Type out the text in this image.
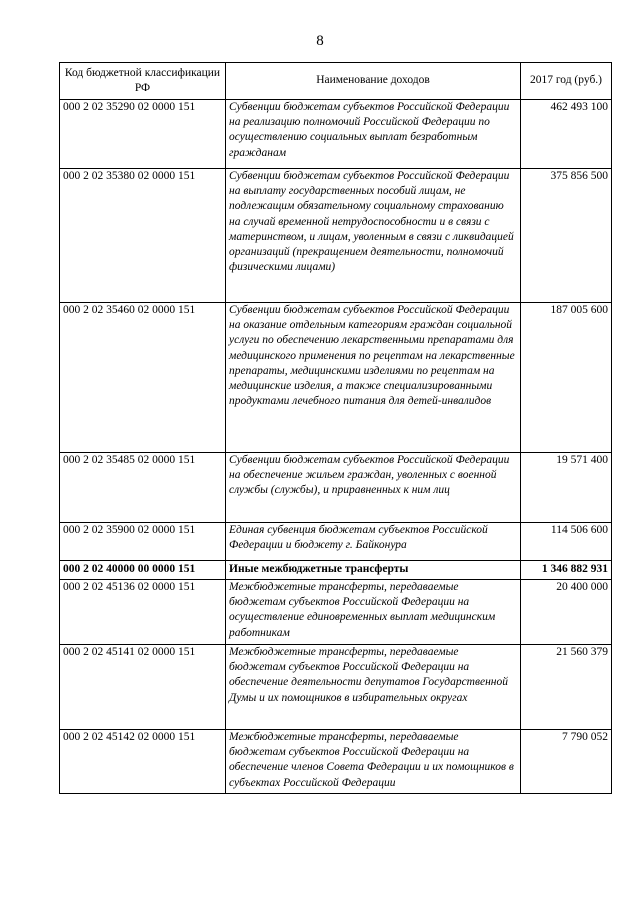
8
Код бюджетной классификации РФ	Наименование доходов	2017 год (руб.)
000 2 02 35290 02 0000 151	Субвенции бюджетам субъектов Российской Федерации на реализацию полномочий Российской Федерации по осуществлению социальных выплат безработным гражданам	462 493 100
000 2 02 35380 02 0000 151	Субвенции бюджетам субъектов Российской Федерации на выплату государственных пособий лицам, не подлежащим обязательному социальному страхованию на случай временной нетрудоспособности и в связи с материнством, и лицам, уволенным в связи с ликвидацией организаций (прекращением деятельности, полномочий физическими лицами)	375 856 500
000 2 02 35460 02 0000 151	Субвенции бюджетам субъектов Российской Федерации на оказание отдельным категориям граждан социальной услуги по обеспечению лекарственными препаратами для медицинского применения по рецептам на лекарственные препараты, медицинскими изделиями по рецептам на медицинские изделия, а также специализированными продуктами лечебного питания для детей-инвалидов	187 005 600
000 2 02 35485 02 0000 151	Субвенции бюджетам субъектов Российской Федерации на обеспечение жильем граждан, уволенных с военной службы (службы), и приравненных к ним лиц	19 571 400
000 2 02 35900 02 0000 151	Единая субвенция бюджетам субъектов Российской Федерации и бюджету г. Байконура	114 506 600
000 2 02 40000 00 0000 151	Иные межбюджетные трансферты	1 346 882 931
000 2 02 45136 02 0000 151	Межбюджетные трансферты, передаваемые бюджетам субъектов Российской Федерации на осуществление единовременных выплат медицинским работникам	20 400 000
000 2 02 45141 02 0000 151	Межбюджетные трансферты, передаваемые бюджетам субъектов Российской Федерации на обеспечение деятельности депутатов Государственной Думы и их помощников в избирательных округах	21 560 379
000 2 02 45142 02 0000 151	Межбюджетные трансферты, передаваемые бюджетам субъектов Российской Федерации на обеспечение членов Совета Федерации и их помощников в субъектах Российской Федерации	7 790 052
